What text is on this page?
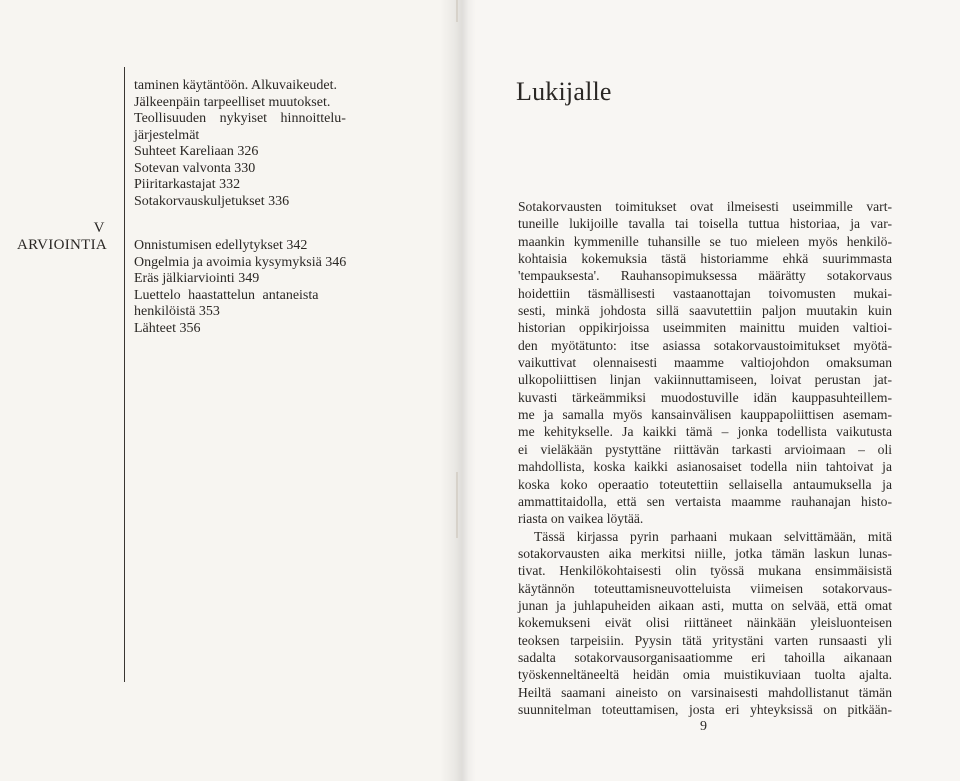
V
ARVIOINTIA
taminen käytäntöön. Alkuvaikeudet.
Jälkeenpäin tarpeelliset muutokset.
Teollisuuden nykyiset hinnoittelu-
järjestelmät
Suhteet Kareliaan 326
Sotevan valvonta 330
Piiritarkastajat 332
Sotakorvauskuljetukset 336
Onnistumisen edellytykset 342
Ongelmia ja avoimia kysymyksiä 346
Eräs jälkiarviointi 349
Luettelo haastattelun antaneista
henkilöistä 353
Lähteet 356
Lukijalle
Sotakorvausten toimitukset ovat ilmeisesti useimmille vart-
tuneille lukijoille tavalla tai toisella tuttua historiaa, ja var-
maankin kymmenille tuhansille se tuo mieleen myös henkilö-
kohtaisia kokemuksia tästä historiamme ehkä suurimmasta
'tempauksesta'. Rauhansopimuksessa määrätty sotakorvaus
hoidettiin täsmällisesti vastaanottajan toivomusten mukai-
sesti, minkä johdosta sillä saavutettiin paljon muutakin kuin
historian oppikirjoissa useimmiten mainittu muiden valtioi-
den myötätunto: itse asiassa sotakorvaustoimitukset myötä-
vaikuttivat olennaisesti maamme valtiojohdon omaksuman
ulkopoliittisen linjan vakiinnuttamiseen, loivat perustan jat-
kuvasti tärkeämmiksi muodostuville idän kauppasuhteillem-
me ja samalla myös kansainvälisen kauppapoliittisen asemam-
me kehitykselle. Ja kaikki tämä – jonka todellista vaikutusta
ei vieläkään pystyttäne riittävän tarkasti arvioimaan – oli
mahdollista, koska kaikki asianosaiset todella niin tahtoivat ja
koska koko operaatio toteutettiin sellaisella antaumuksella ja
ammattitaidolla, että sen vertaista maamme rauhanajan histo-
riasta on vaikea löytää.
Tässä kirjassa pyrin parhaani mukaan selvittämään, mitä
sotakorvausten aika merkitsi niille, jotka tämän laskun lunas-
tivat. Henkilökohtaisesti olin työssä mukana ensimmäisistä
käytännön toteuttamisneuvotteluista viimeisen sotakorvaus-
junan ja juhlapuheiden aikaan asti, mutta on selvää, että omat
kokemukseni eivät olisi riittäneet näinkään yleisluonteisen
teoksen tarpeisiin. Pyysin tätä yritystäni varten runsaasti yli
sadalta sotakorvausorganisaatiomme eri tahoilla aikanaan
työskenneltäneeltä heidän omia muistikuviaan tuolta ajalta.
Heiltä saamani aineisto on varsinaisesti mahdollistanut tämän
suunnitelman toteuttamisen, josta eri yhteyksissä on pitkään-
9
